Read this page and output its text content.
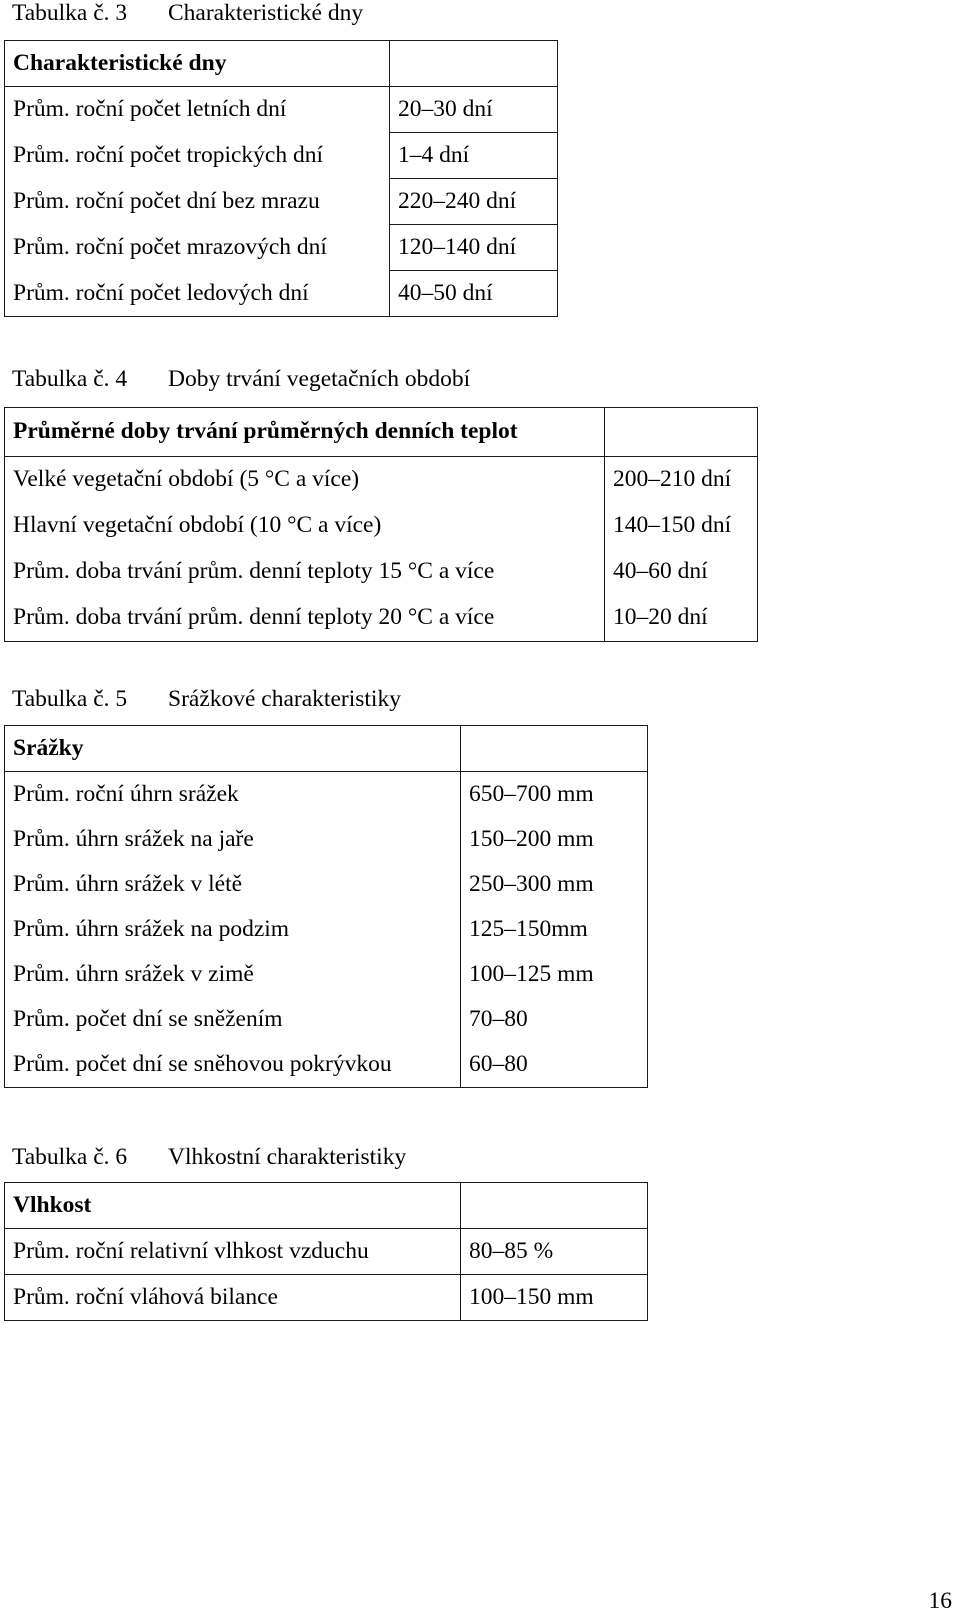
Tabulka č. 3 Charakteristické dny
Charakteristické dny	
Prům. roční počet letních dní	20–30 dní
Prům. roční počet tropických dní	1–4 dní
Prům. roční počet dní bez mrazu	220–240 dní
Prům. roční počet mrazových dní	120–140 dní
Prům. roční počet ledových dní	40–50 dní
Tabulka č. 4 Doby trvání vegetačních období
Průměrné doby trvání průměrných denních teplot	
Velké vegetační období (5 °C a více)	200–210 dní
Hlavní vegetační období (10 °C a více)	140–150 dní
Prům. doba trvání prům. denní teploty 15 °C a více	40–60 dní
Prům. doba trvání prům. denní teploty 20 °C a více	10–20 dní
Tabulka č. 5 Srážkové charakteristiky
Srážky	
Prům. roční úhrn srážek	650–700 mm
Prům. úhrn srážek na jaře	150–200 mm
Prům. úhrn srážek v létě	250–300 mm
Prům. úhrn srážek na podzim	125–150mm
Prům. úhrn srážek v zimě	100–125 mm
Prům. počet dní se sněžením	70–80
Prům. počet dní se sněhovou pokrývkou	60–80
Tabulka č. 6 Vlhkostní charakteristiky
Vlhkost	
Prům. roční relativní vlhkost vzduchu	80–85 %
Prům. roční vláhová bilance	100–150 mm
16
